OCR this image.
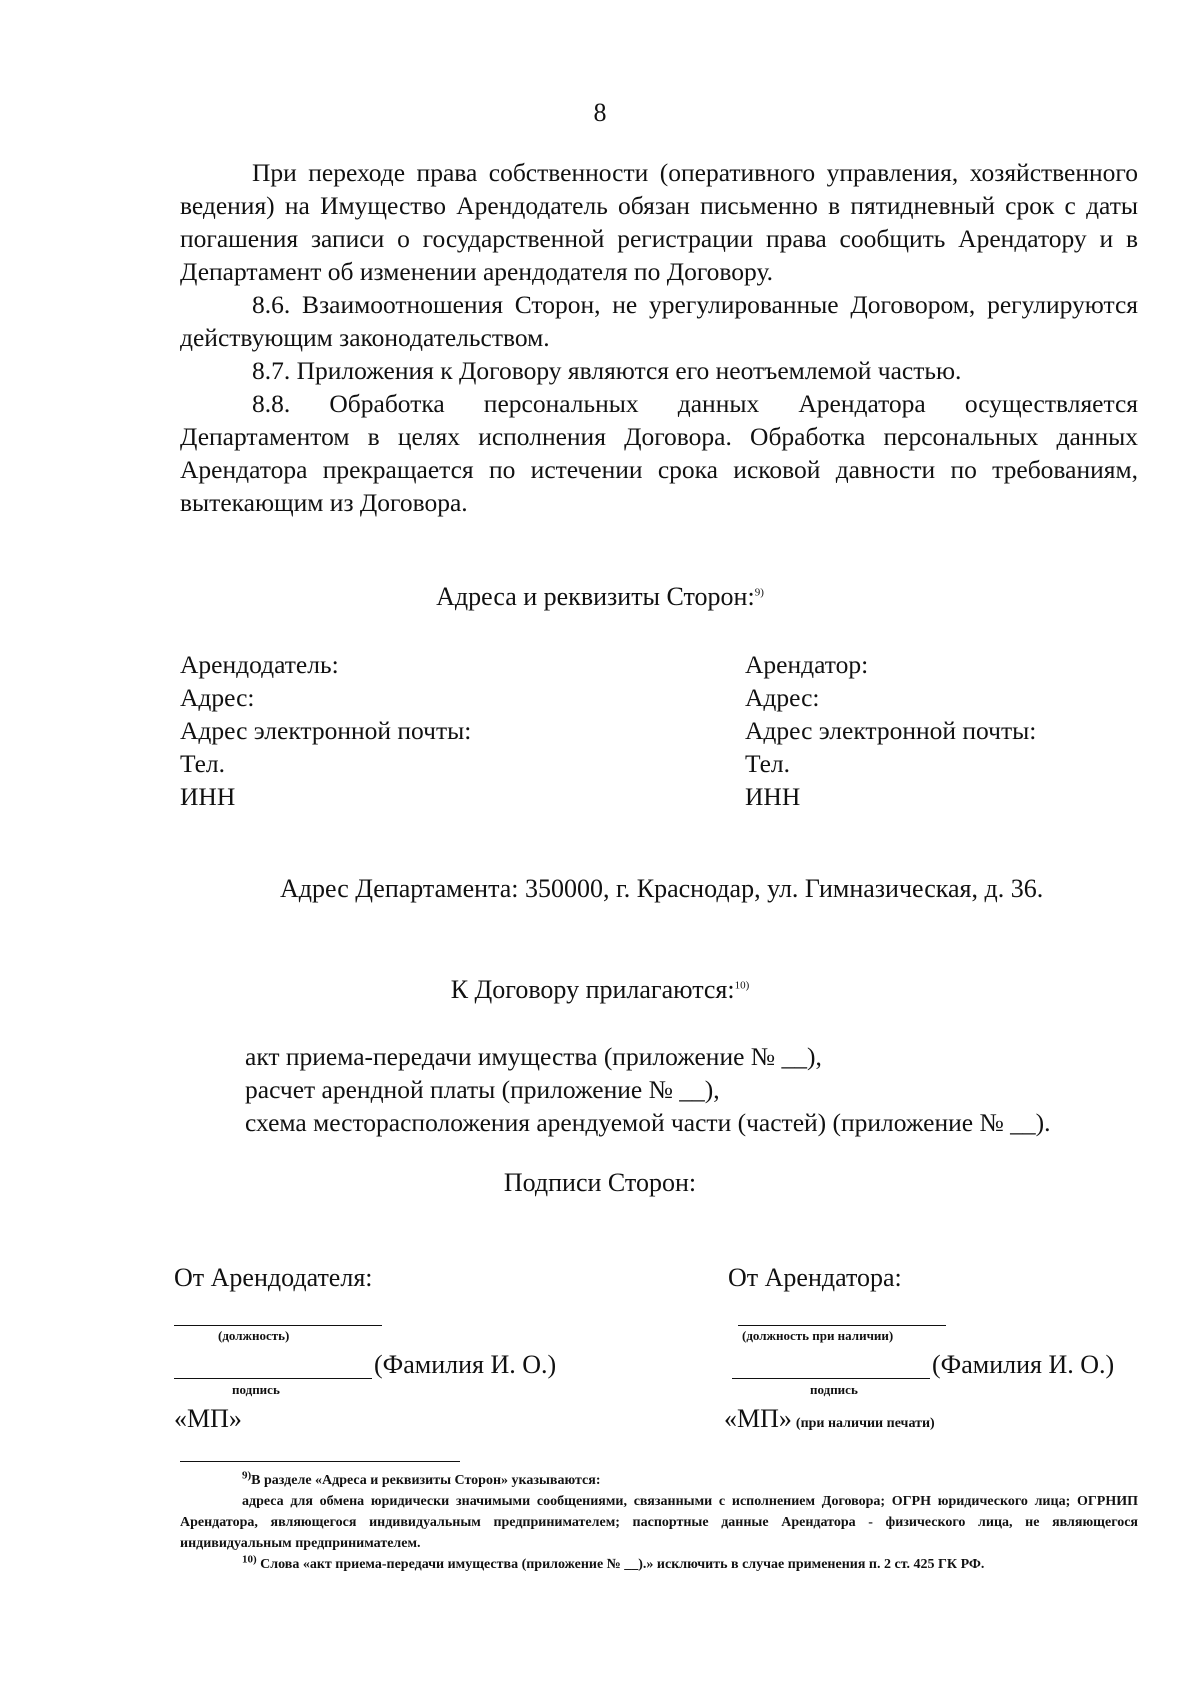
8

При переходе права собственности (оперативного управления, хозяйственного ведения) на Имущество Арендодатель обязан письменно в пятидневный срок с даты погашения записи о государственной регистрации права сообщить Арендатору и в Департамент об изменении арендодателя по Договору.

8.6. Взаимоотношения Сторон, не урегулированные Договором, регулируются действующим законодательством.

8.7. Приложения к Договору являются его неотъемлемой частью.

8.8. Обработка персональных данных Арендатора осуществляется Департаментом в целях исполнения Договора. Обработка персональных данных Арендатора прекращается по истечении срока исковой давности по требованиям, вытекающим из Договора.

Адреса и реквизиты Сторон:$^{9)}$
Арендодатель:
Адрес:
Адрес электронной почты:
Тел.
ИНН
Арендатор:
Адрес:
Адрес электронной почты:
Тел.
ИНН
Адрес Департамента: 350000, г. Краснодар, ул. Гимназическая, д. 36.
К Договору прилагаются:$^{10)}$
акт приема-передачи имущества (приложение № __),
расчет арендной платы (приложение № __),
схема месторасположения арендуемой части (частей) (приложение № __).
Подписи Сторон:
От Арендодателя:
(должность)
(Фамилия И. О.)
подпись
«МП»
От Арендатора:
(должность при наличии)
(Фамилия И. О.)
подпись
«МП» (при наличии печати)

$^{9)}$В разделе «Адреса и реквизиты Сторон» указываются:

адреса для обмена юридически значимыми сообщениями, связанными с исполнением Договора; ОГРН юридического лица; ОГРНИП Арендатора, являющегося индивидуальным предпринимателем; паспортные данные Арендатора - физического лица, не являющегося индивидуальным предпринимателем.

$^{10)}$ Слова «акт приема-передачи имущества (приложение № __).» исключить в случае применения п. 2 ст. 425 ГК РФ.
